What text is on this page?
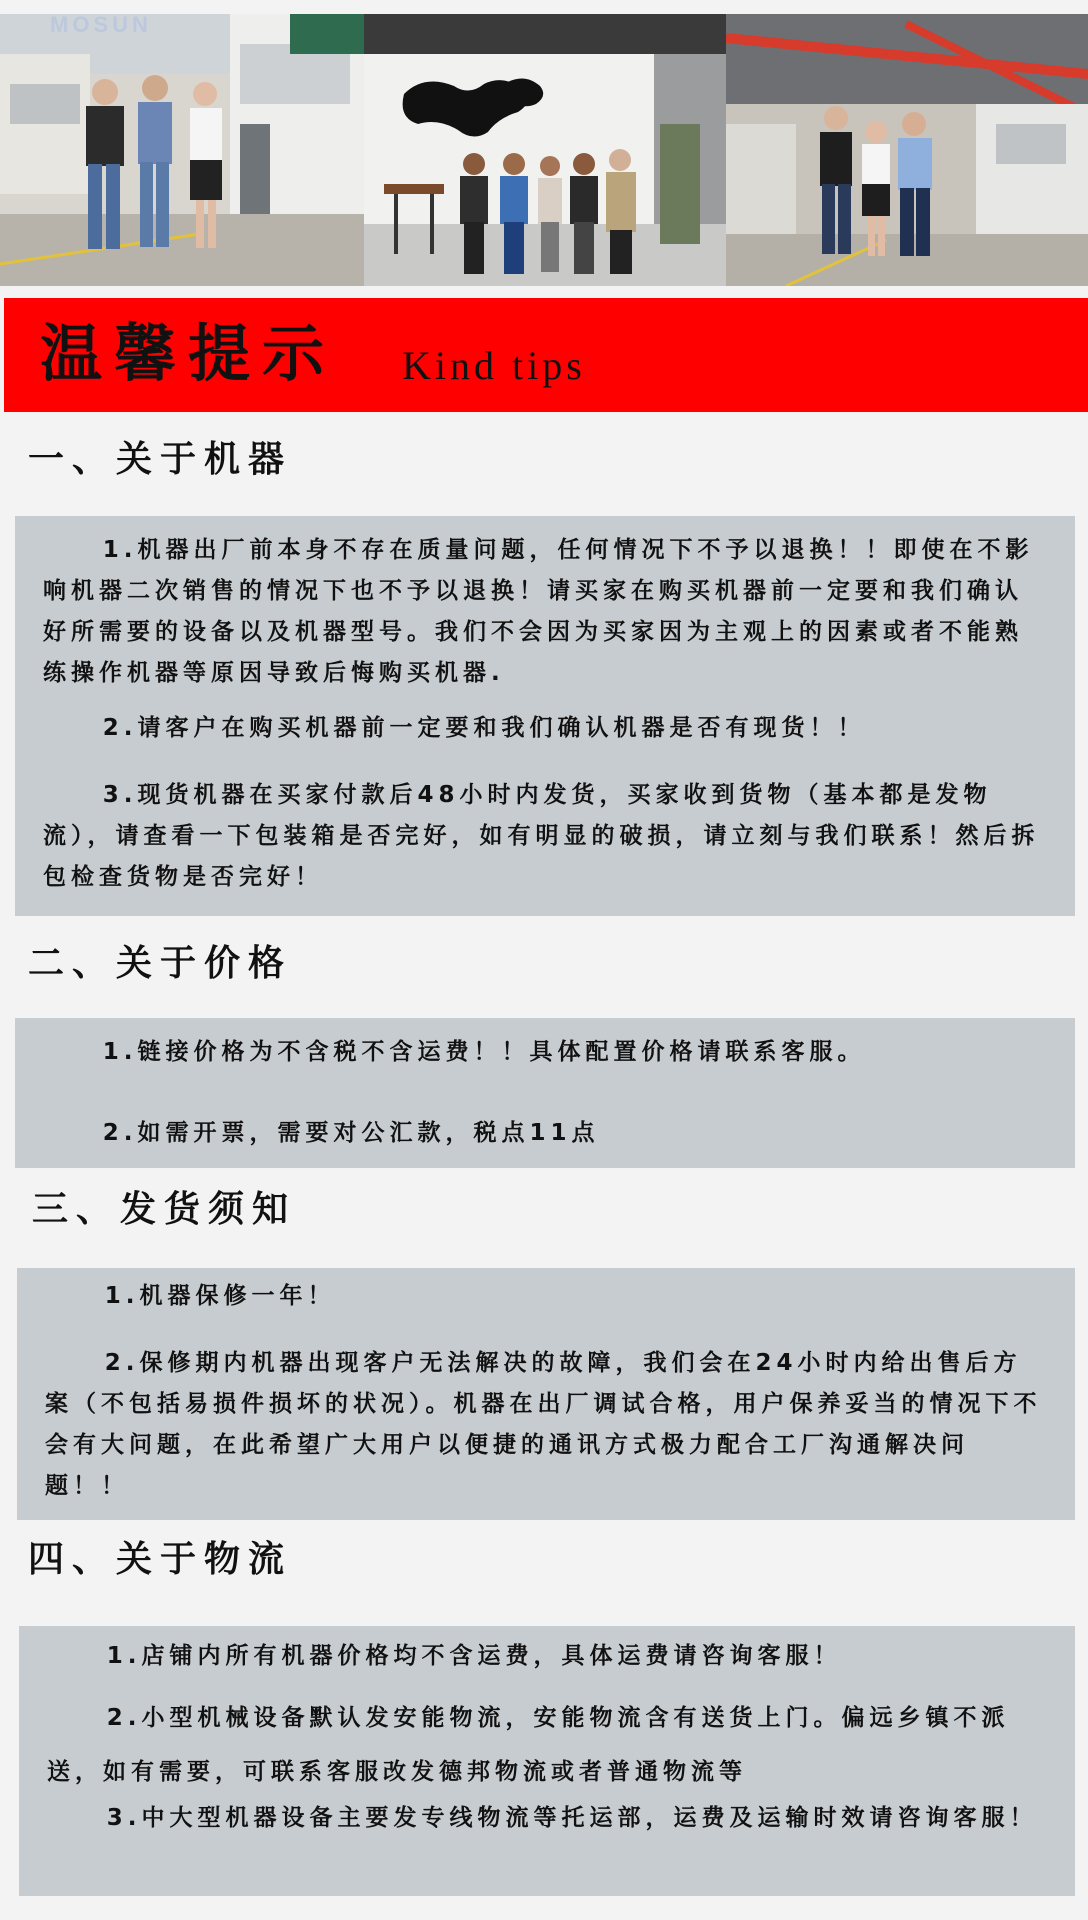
MOSUN
温馨提示 Kind tips
一、关于机器

1.机器出厂前本身不存在质量问题，任何情况下不予以退换！！即使在不影响机器二次销售的情况下也不予以退换！请买家在购买机器前一定要和我们确认好所需要的设备以及机器型号。我们不会因为买家因为主观上的因素或者不能熟练操作机器等原因导致后悔购买机器.

2.请客户在购买机器前一定要和我们确认机器是否有现货！！

3.现货机器在买家付款后48小时内发货，买家收到货物（基本都是发物流），请查看一下包装箱是否完好，如有明显的破损，请立刻与我们联系！然后拆包检查货物是否完好！

二、关于价格

1.链接价格为不含税不含运费！！具体配置价格请联系客服。

2.如需开票，需要对公汇款，税点11点

三、发货须知

1.机器保修一年！

2.保修期内机器出现客户无法解决的故障，我们会在24小时内给出售后方案（不包括易损件损坏的状况）。机器在出厂调试合格，用户保养妥当的情况下不会有大问题，在此希望广大用户以便捷的通讯方式极力配合工厂沟通解决问题！！

四、关于物流

1.店铺内所有机器价格均不含运费，具体运费请咨询客服！

2.小型机械设备默认发安能物流，安能物流含有送货上门。偏远乡镇不派送，如有需要，可联系客服改发德邦物流或者普通物流等

3.中大型机器设备主要发专线物流等托运部，运费及运输时效请咨询客服！
